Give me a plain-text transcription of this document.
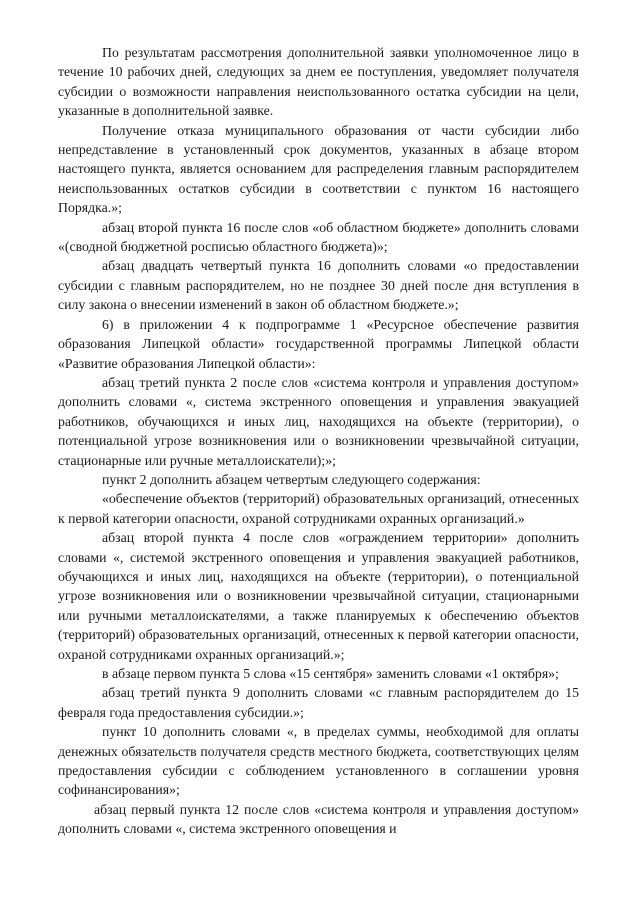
По результатам рассмотрения дополнительной заявки уполномоченное лицо в течение 10 рабочих дней, следующих за днем ее поступления, уведомляет получателя субсидии о возможности направления неиспользованного остатка субсидии на цели, указанные в дополнительной заявке.

Получение отказа муниципального образования от части субсидии либо непредставление в установленный срок документов, указанных в абзаце втором настоящего пункта, является основанием для распределения главным распорядителем неиспользованных остатков субсидии в соответствии с пунктом 16 настоящего Порядка.»;

абзац второй пункта 16 после слов «об областном бюджете» дополнить словами «(сводной бюджетной росписью областного бюджета)»;

абзац двадцать четвертый пункта 16 дополнить словами «о предоставлении субсидии с главным распорядителем, но не позднее 30 дней после дня вступления в силу закона о внесении изменений в закон об областном бюджете.»;

6) в приложении 4 к подпрограмме 1 «Ресурсное обеспечение развития образования Липецкой области» государственной программы Липецкой области «Развитие образования Липецкой области»:

абзац третий пункта 2 после слов «система контроля и управления доступом» дополнить словами «, система экстренного оповещения и управления эвакуацией работников, обучающихся и иных лиц, находящихся на объекте (территории), о потенциальной угрозе возникновения или о возникновении чрезвычайной ситуации, стационарные или ручные металлоискатели);»;

пункт 2 дополнить абзацем четвертым следующего содержания:

«обеспечение объектов (территорий) образовательных организаций, отнесенных к первой категории опасности, охраной сотрудниками охранных организаций.»

абзац второй пункта 4 после слов «ограждением территории» дополнить словами «, системой экстренного оповещения и управления эвакуацией работников, обучающихся и иных лиц, находящихся на объекте (территории), о потенциальной угрозе возникновения или о возникновении чрезвычайной ситуации, стационарными или ручными металлоискателями, а также планируемых к обеспечению объектов (территорий) образовательных организаций, отнесенных к первой категории опасности, охраной сотрудниками охранных организаций.»;

в абзаце первом пункта 5 слова «15 сентября» заменить словами «1 октября»;

абзац третий пункта 9 дополнить словами «с главным распорядителем до 15 февраля года предоставления субсидии.»;

пункт 10 дополнить словами «, в пределах суммы, необходимой для оплаты денежных обязательств получателя средств местного бюджета, соответствующих целям предоставления субсидии с соблюдением установленного в соглашении уровня софинансирования»;

абзац первый пункта 12 после слов «система контроля и управления доступом» дополнить словами «, система экстренного оповещения и
